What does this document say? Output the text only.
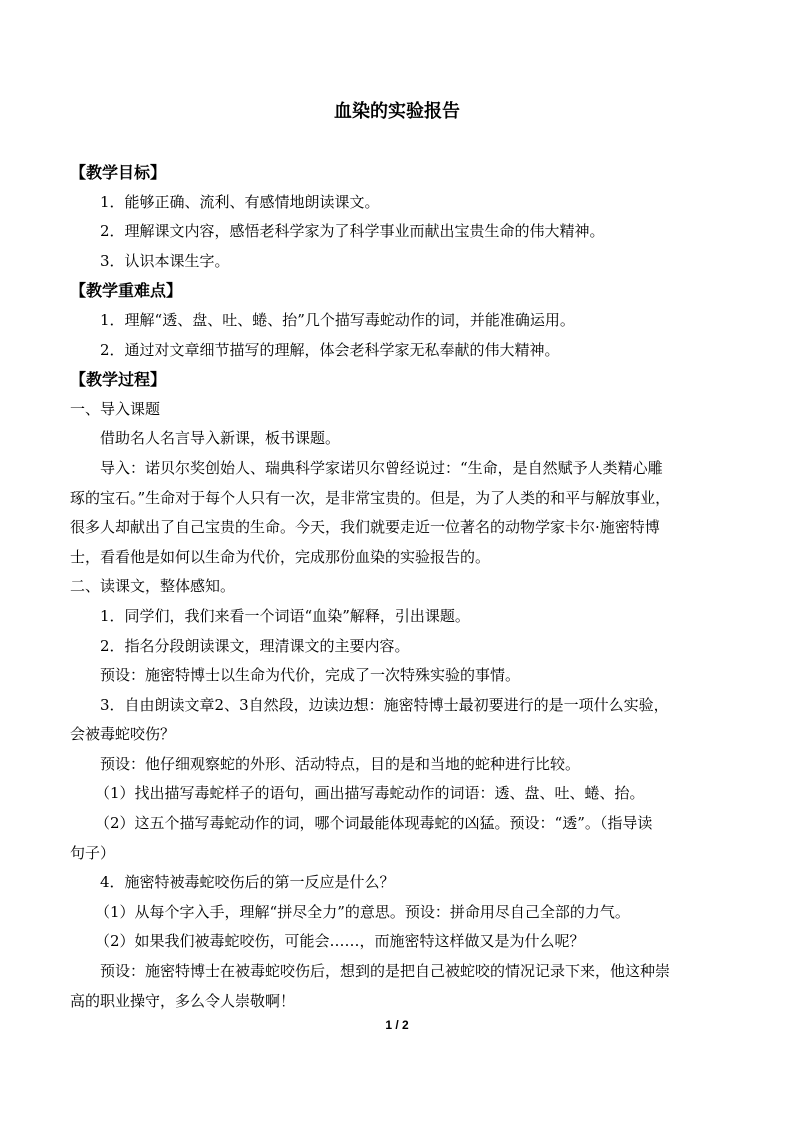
血染的实验报告
【教学目标】
1．能够正确、流利、有感情地朗读课文。
2．理解课文内容，感悟老科学家为了科学事业而献出宝贵生命的伟大精神。
3．认识本课生字。
【教学重难点】
1．理解“透、盘、吐、蜷、抬”几个描写毒蛇动作的词，并能准确运用。
2．通过对文章细节描写的理解，体会老科学家无私奉献的伟大精神。
【教学过程】
一、导入课题
借助名人名言导入新课，板书课题。
导入：诺贝尔奖创始人、瑞典科学家诺贝尔曾经说过：“生命，是自然赋予人类精心雕
琢的宝石。”生命对于每个人只有一次，是非常宝贵的。但是，为了人类的和平与解放事业，
很多人却献出了自己宝贵的生命。今天，我们就要走近一位著名的动物学家卡尔·施密特博
士，看看他是如何以生命为代价，完成那份血染的实验报告的。
二、读课文，整体感知。
1．同学们，我们来看一个词语“血染”解释，引出课题。
2．指名分段朗读课文，理清课文的主要内容。
预设：施密特博士以生命为代价，完成了一次特殊实验的事情。
3．自由朗读文章2、3自然段，边读边想：施密特博士最初要进行的是一项什么实验，
会被毒蛇咬伤？
预设：他仔细观察蛇的外形、活动特点，目的是和当地的蛇种进行比较。
（1）找出描写毒蛇样子的语句，画出描写毒蛇动作的词语：透、盘、吐、蜷、抬。
（2）这五个描写毒蛇动作的词，哪个词最能体现毒蛇的凶猛。预设：“透”。（指导读
句子）
4．施密特被毒蛇咬伤后的第一反应是什么？
（1）从每个字入手，理解“拼尽全力”的意思。预设：拼命用尽自己全部的力气。
（2）如果我们被毒蛇咬伤，可能会……，而施密特这样做又是为什么呢？
预设：施密特博士在被毒蛇咬伤后，想到的是把自己被蛇咬的情况记录下来，他这种崇
高的职业操守，多么令人崇敬啊！
1 / 2
